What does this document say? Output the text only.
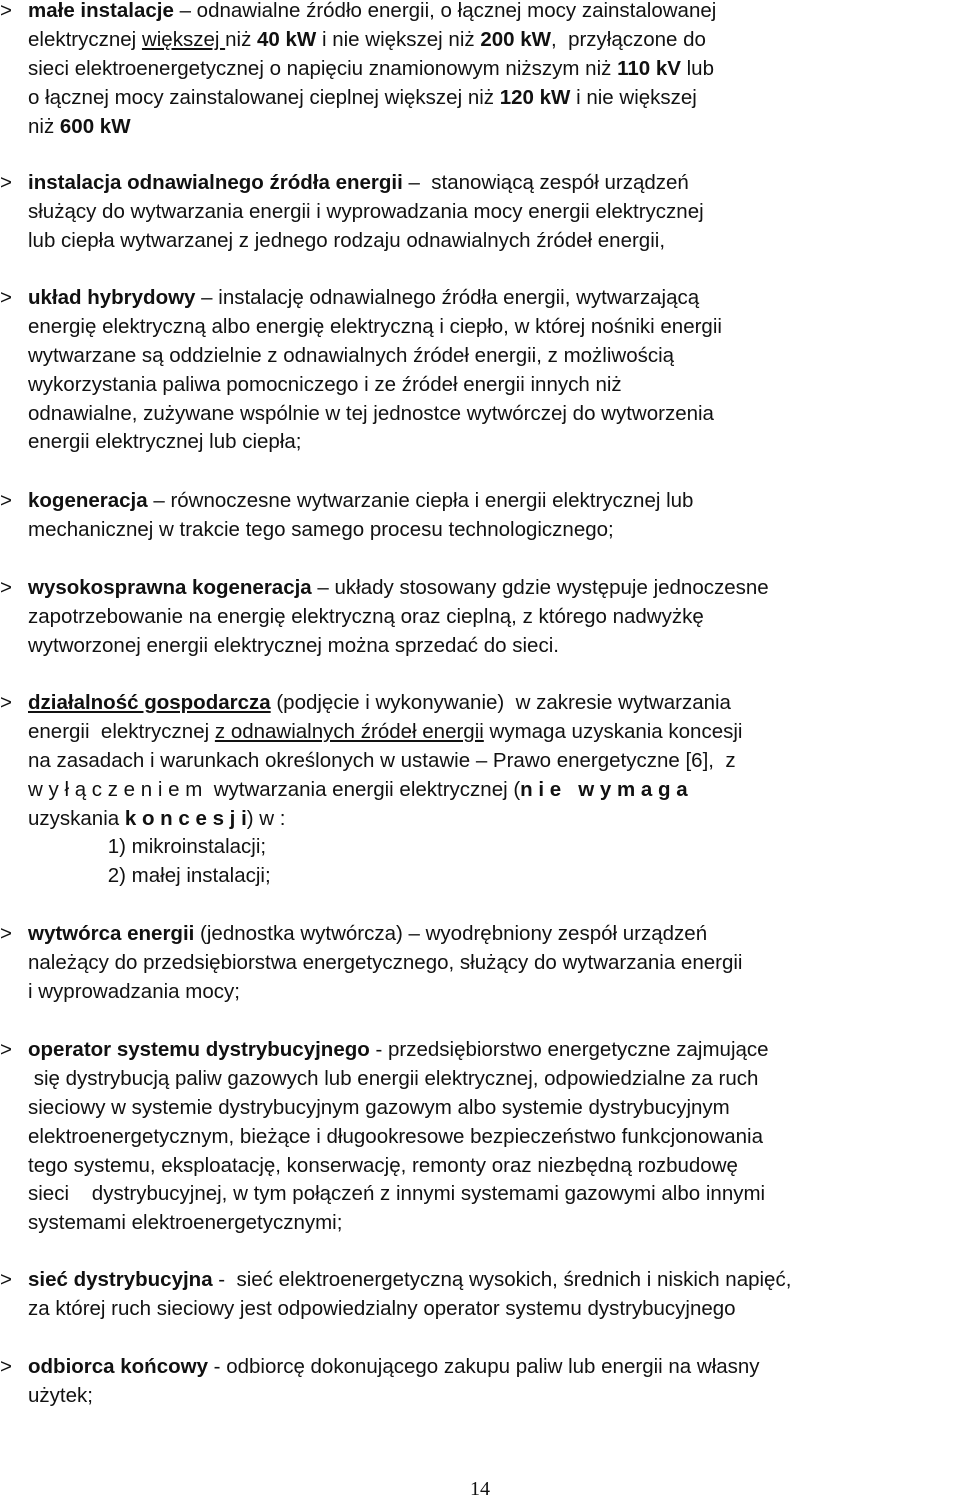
> małe instalacje – odnawialne źródło energii, o łącznej mocy zainstalowanej
elektrycznej większej niż 40 kW i nie większej niż 200 kW,  przyłączone do
sieci elektroenergetycznej o napięciu znamionowym niższym niż 110 kV lub
o łącznej mocy zainstalowanej cieplnej większej niż 120 kW i nie większej
niż 600 kW
> instalacja odnawialnego źródła energii –  stanowiącą zespół urządzeń
służący do wytwarzania energii i wyprowadzania mocy energii elektrycznej
lub ciepła wytwarzanej z jednego rodzaju odnawialnych źródeł energii,
> układ hybrydowy – instalację odnawialnego źródła energii, wytwarzającą
energię elektryczną albo energię elektryczną i ciepło, w której nośniki energii
wytwarzane są oddzielnie z odnawialnych źródeł energii, z możliwością
wykorzystania paliwa pomocniczego i ze źródeł energii innych niż
odnawialne, zużywane wspólnie w tej jednostce wytwórczej do wytworzenia
energii elektrycznej lub ciepła;
> kogeneracja – równoczesne wytwarzanie ciepła i energii elektrycznej lub
mechanicznej w trakcie tego samego procesu technologicznego;
> wysokosprawna kogeneracja – układy stosowany gdzie występuje jednoczesne
zapotrzebowanie na energię elektryczną oraz cieplną, z którego nadwyżkę
wytworzonej energii elektrycznej można sprzedać do sieci.
> działalność gospodarcza (podjęcie i wykonywanie)  w zakresie wytwarzania
energii  elektrycznej z odnawialnych źródeł energii wymaga uzyskania koncesji
na zasadach i warunkach określonych w ustawie – Prawo energetyczne [6],  z
w y ł ą c z e n i e m  wytwarzania energii elektrycznej (n i e   w y m a g a
uzyskania k o n c e s j i) w :
1) mikroinstalacji;
2) małej instalacji;
> wytwórca energii (jednostka wytwórcza) – wyodrębniony zespół urządzeń
należący do przedsiębiorstwa energetycznego, służący do wytwarzania energii
i wyprowadzania mocy;
> operator systemu dystrybucyjnego - przedsiębiorstwo energetyczne zajmujące
się dystrybucją paliw gazowych lub energii elektrycznej, odpowiedzialne za ruch
sieciowy w systemie dystrybucyjnym gazowym albo systemie dystrybucyjnym
elektroenergetycznym, bieżące i długookresowe bezpieczeństwo funkcjonowania
tego systemu, eksploatację, konserwację, remonty oraz niezbędną rozbudowę
sieci    dystrybucyjnej, w tym połączeń z innymi systemami gazowymi albo innymi
systemami elektroenergetycznymi;
> sieć dystrybucyjna -  sieć elektroenergetyczną wysokich, średnich i niskich napięć,
za której ruch sieciowy jest odpowiedzialny operator systemu dystrybucyjnego
> odbiorca końcowy - odbiorcę dokonującego zakupu paliw lub energii na własny
użytek;
14
